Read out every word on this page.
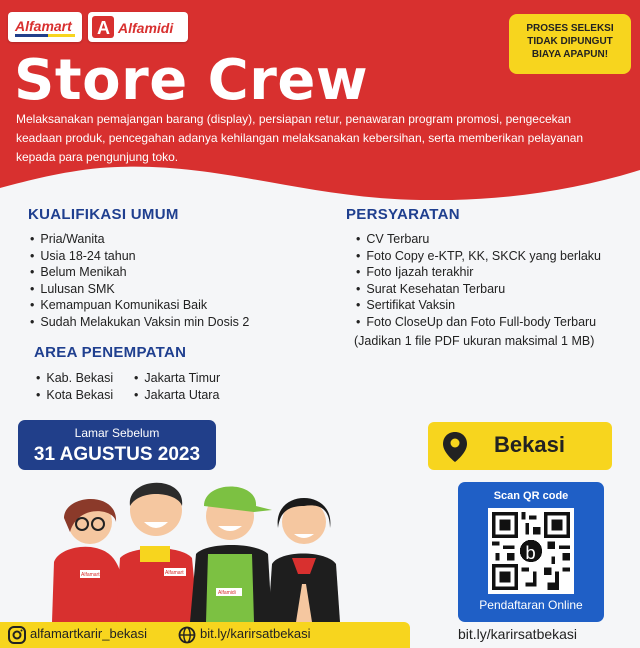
Alfamart A Alfamidi	PROSES SELEKSI
TIDAK DIPUNGUT
BIAYA APAPUN!
Store Crew
Melaksanakan pemajangan barang (display), persiapan retur, penawaran program promosi, pengecekan keadaan produk, pencegahan adanya kehilangan melaksanakan kebersihan, serta memberikan pelayanan kepada para pengunjung toko.
KUALIFIKASI UMUM
• Pria/Wanita
• Usia 18-24 tahun
• Belum Menikah
• Lulusan SMK
• Kemampuan Komunikasi Baik
• Sudah Melakukan Vaksin min Dosis 2
PERSYARATAN
• CV Terbaru
• Foto Copy e-KTP, KK, SKCK yang berlaku
• Foto Ijazah terakhir
• Surat Kesehatan Terbaru
• Sertifikat Vaksin
• Foto CloseUp dan Foto Full-body Terbaru
(Jadikan 1 file PDF ukuran maksimal 1 MB)
AREA PENEMPATAN
• Kab. Bekasi
• Kota Bekasi
• Jakarta Timur
• Jakarta Utara
Lamar Sebelum
31 AGUSTUS 2023	Bekasi
Alfamart	Alfamart
Alfamidi
Scan QR code
b
Pendaftaran Online
alfamartkarir_bekasi	bit.ly/karirsatbekasi	bit.ly/karirsatbekasi
